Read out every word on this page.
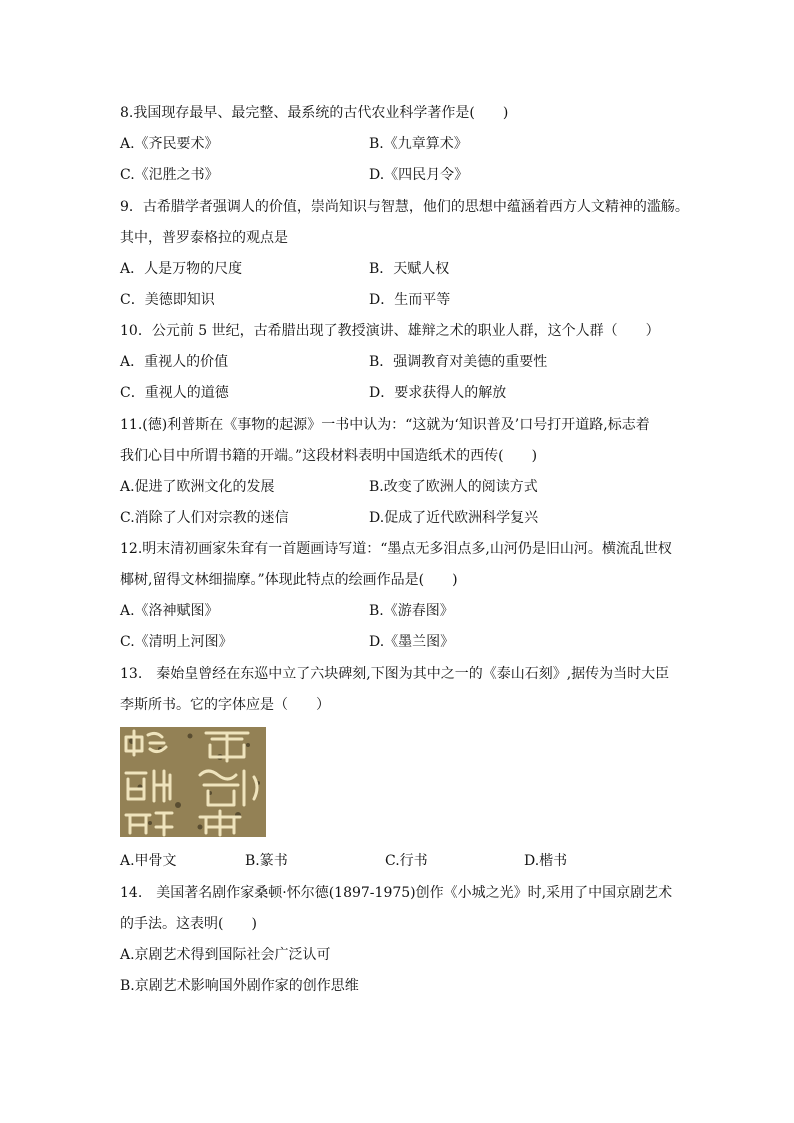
8.我国现存最早、最完整、最系统的古代农业科学著作是(　　)
A.《齐民要术》	B.《九章算术》
C.《氾胜之书》	D.《四民月令》
9．古希腊学者强调人的价值，崇尚知识与智慧，他们的思想中蕴涵着西方人文精神的滥觞。
其中，普罗泰格拉的观点是
A．人是万物的尺度	B．天赋人权
C．美德即知识	D．生而平等
10．公元前 5 世纪，古希腊出现了教授演讲、雄辩之术的职业人群，这个人群（　　）
A．重视人的价值	B．强调教育对美德的重要性
C．重视人的道德	D．要求获得人的解放
11.(德)利普斯在《事物的起源》一书中认为：“这就为‘知识普及’口号打开道路,标志着
我们心目中所谓书籍的开端。”这段材料表明中国造纸术的西传(　　)
A.促进了欧洲文化的发展	B.改变了欧洲人的阅读方式
C.消除了人们对宗教的迷信	D.促成了近代欧洲科学复兴
12.明末清初画家朱耷有一首题画诗写道：“墨点无多泪点多,山河仍是旧山河。横流乱世杈
椰树,留得文林细揣摩。”体现此特点的绘画作品是(　　)
A.《洛神赋图》	B.《游春图》
C.《清明上河图》	D.《墨兰图》
13.　秦始皇曾经在东巡中立了六块碑刻,下图为其中之一的《泰山石刻》,据传为当时大臣
李斯所书。它的字体应是（　　）
A.甲骨文	B.篆书	C.行书	D.楷书
14.　美国著名剧作家桑顿·怀尔德(1897-1975)创作《小城之光》时,采用了中国京剧艺术
的手法。这表明(　　)
A.京剧艺术得到国际社会广泛认可
B.京剧艺术影响国外剧作家的创作思维
